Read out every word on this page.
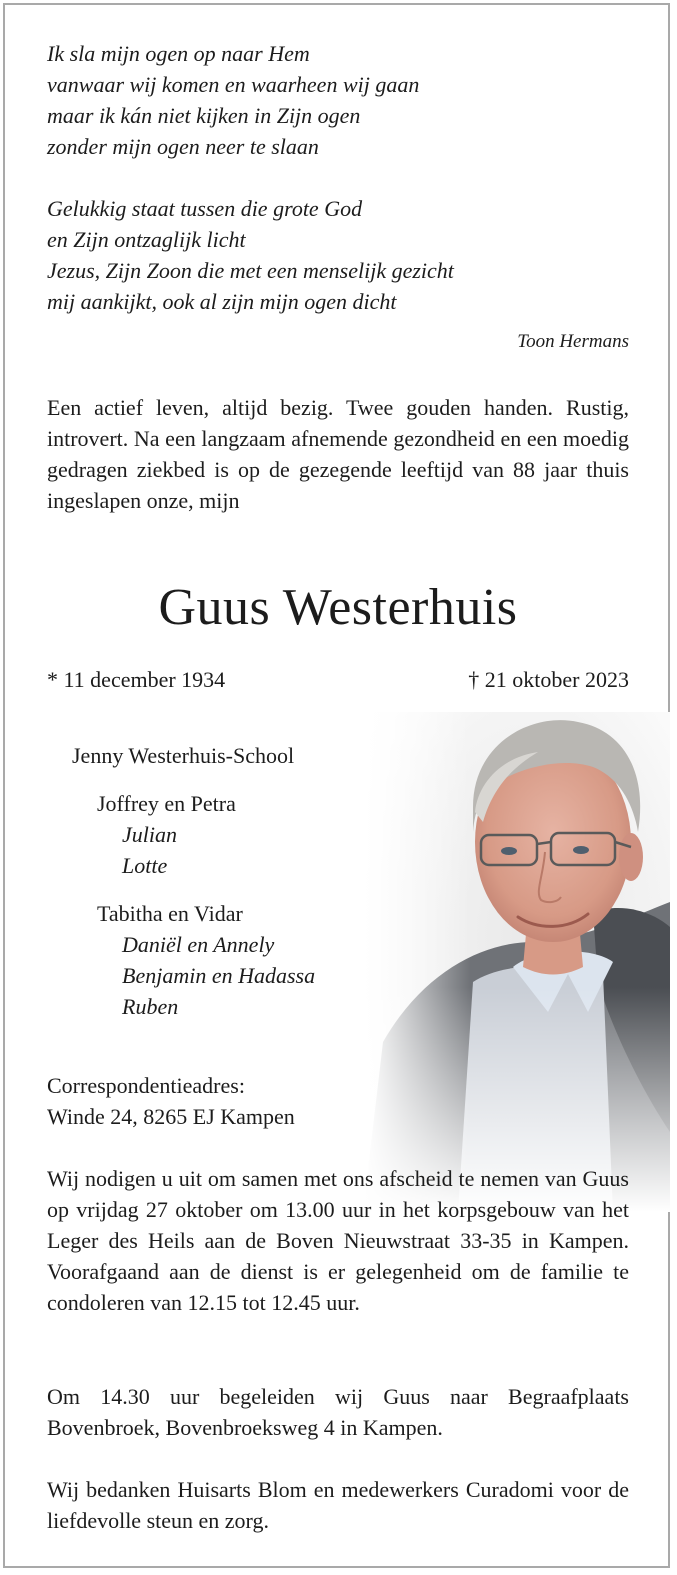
Ik sla mijn ogen op naar Hem
vanwaar wij komen en waarheen wij gaan
maar ik kán niet kijken in Zijn ogen
zonder mijn ogen neer te slaan
Gelukkig staat tussen die grote God
en Zijn ontzaglijk licht
Jezus, Zijn Zoon die met een menselijk gezicht
mij aankijkt, ook al zijn mijn ogen dicht
Toon Hermans
Een actief leven, altijd bezig. Twee gouden handen. Rustig, introvert. Na een langzaam afnemende gezondheid en een moedig gedragen ziekbed is op de gezegende leeftijd van 88 jaar thuis ingeslapen onze, mijn
Guus Westerhuis
* 11 december 1934	† 21 oktober 2023
Jenny Westerhuis-School
Joffrey en Petra
Julian
Lotte
Tabitha en Vidar
Daniël en Annely
Benjamin en Hadassa
Ruben
Correspondentieadres:
Winde 24, 8265 EJ Kampen
Wij nodigen u uit om samen met ons afscheid te nemen van Guus op vrijdag 27 oktober om 13.00 uur in het korpsgebouw van het Leger des Heils aan de Boven Nieuwstraat 33-35 in Kampen. Voorafgaand aan de dienst is er gelegenheid om de familie te condoleren van 12.15 tot 12.45 uur.
Om 14.30 uur begeleiden wij Guus naar Begraafplaats Bovenbroek, Bovenbroeksweg 4 in Kampen.
Wij bedanken Huisarts Blom en medewerkers Curadomi voor de liefdevolle steun en zorg.
